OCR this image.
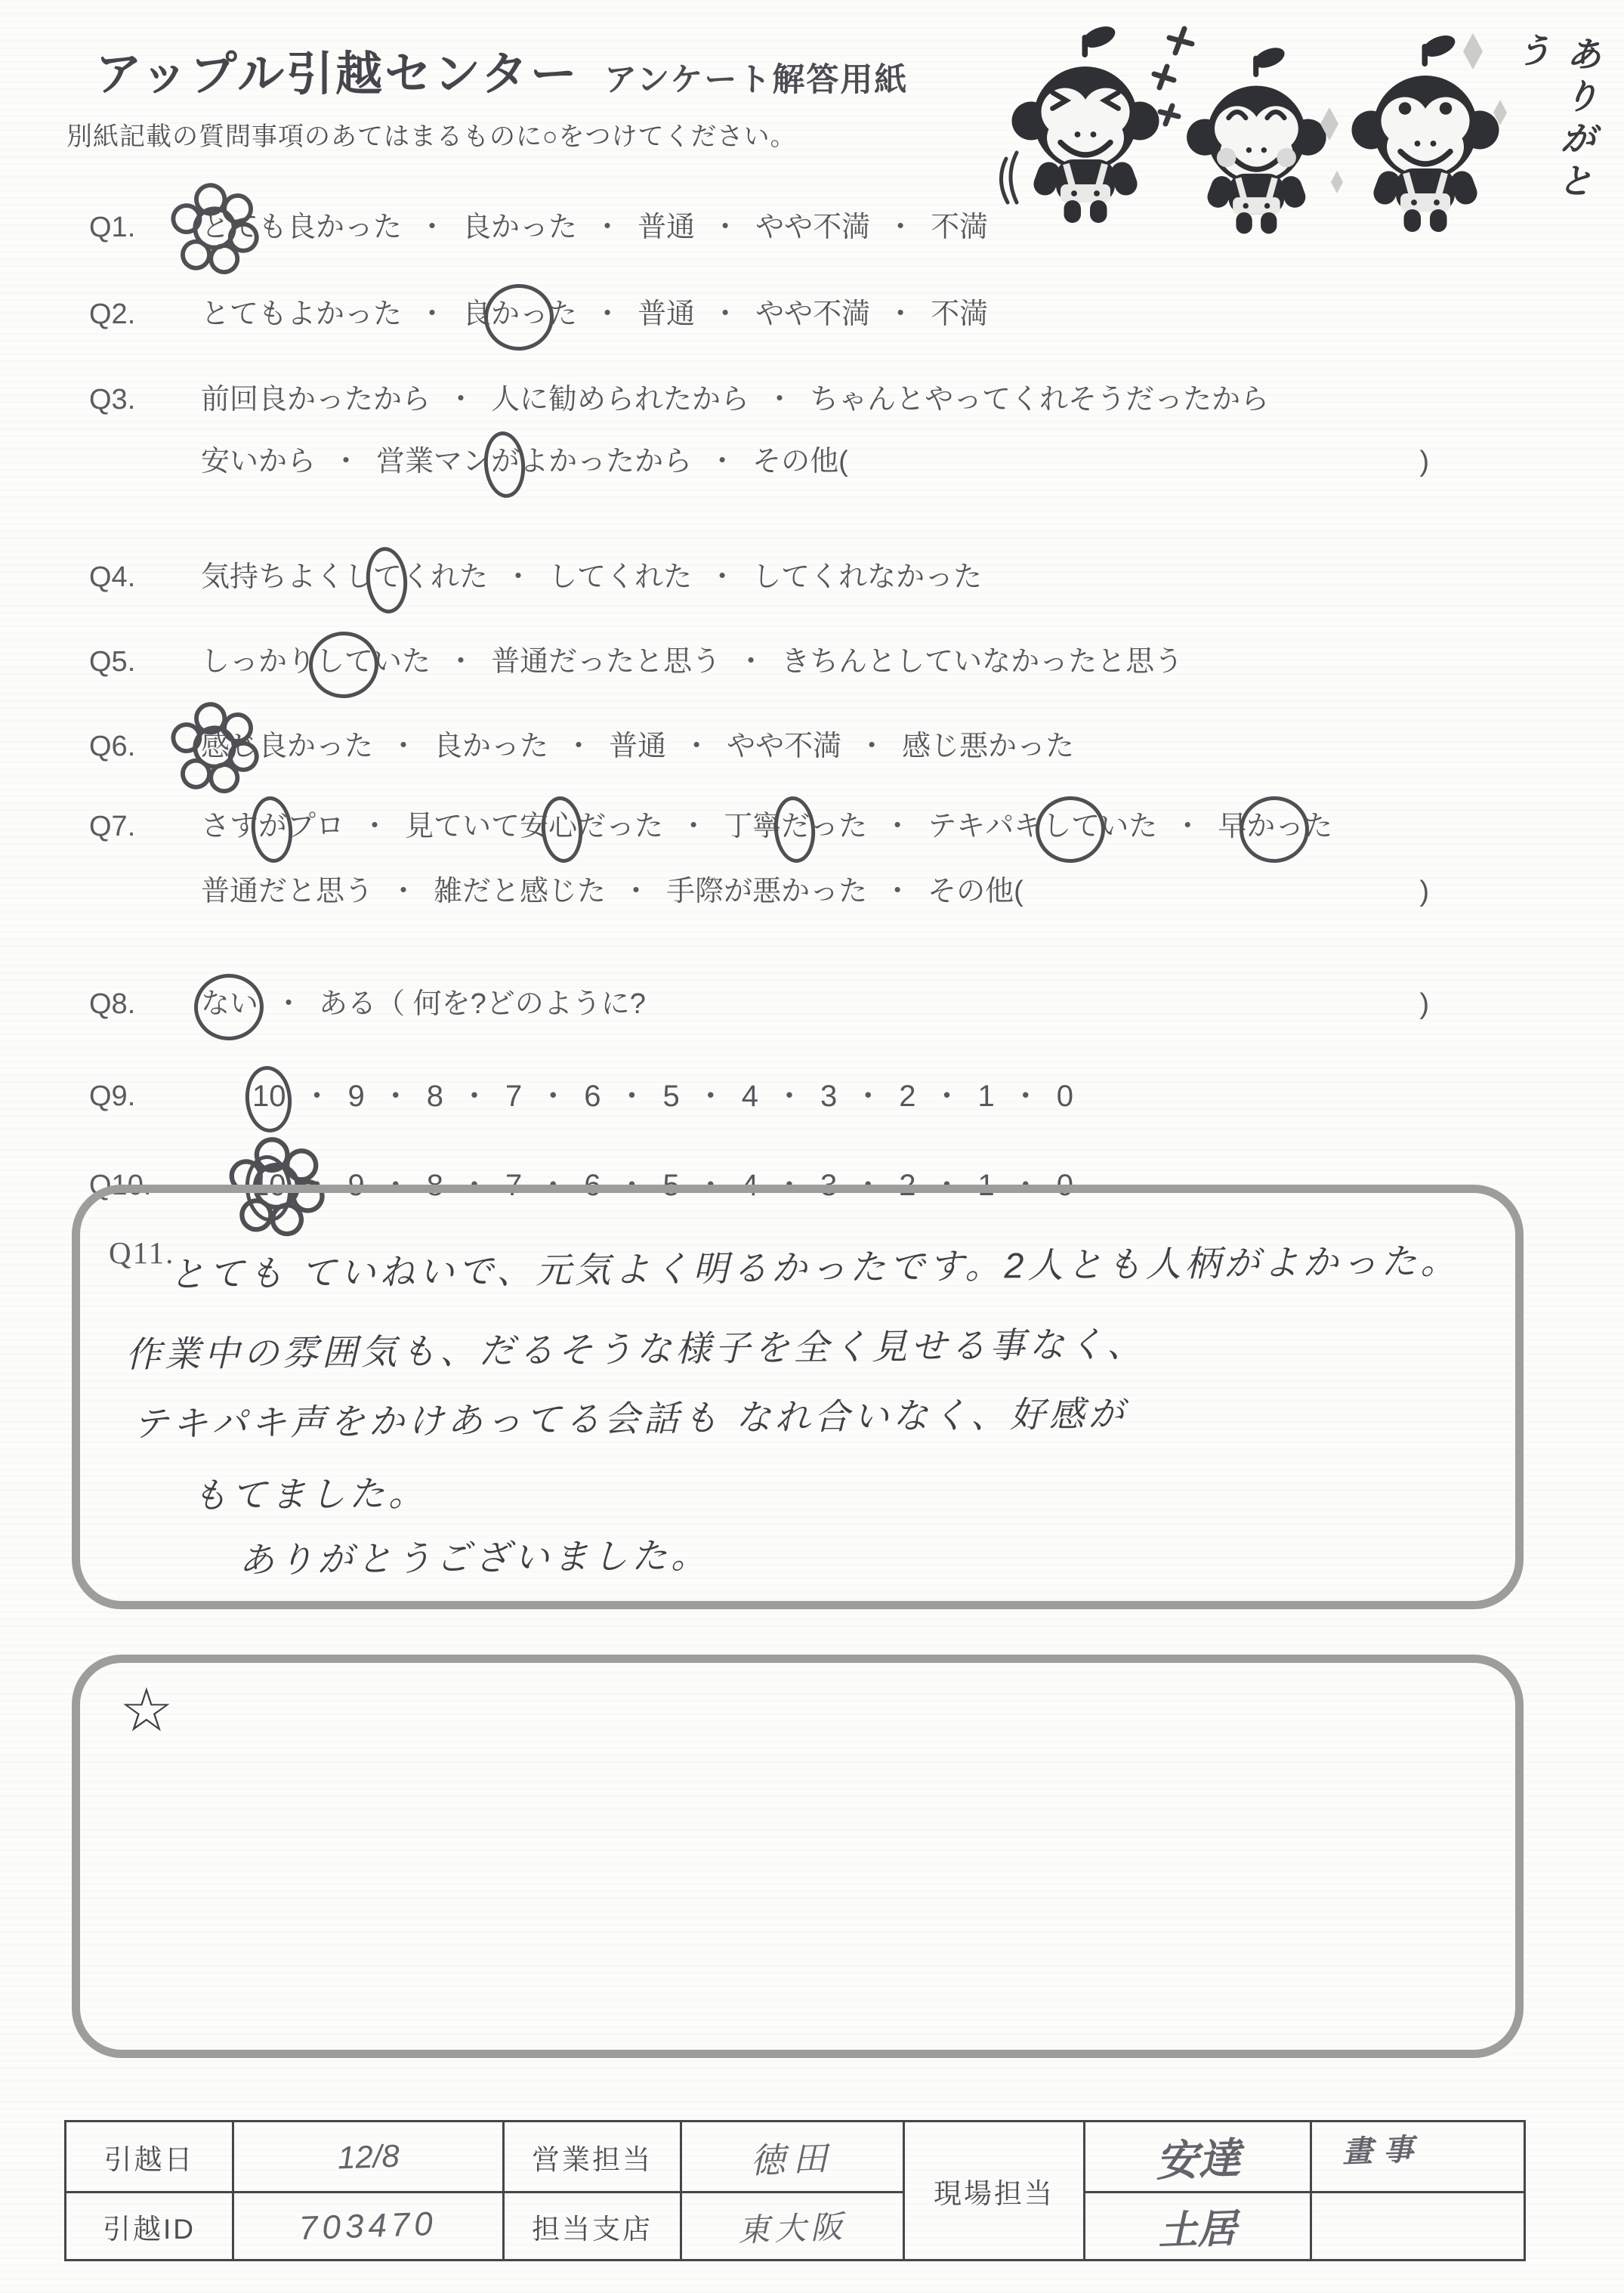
アップル引越センター アンケート解答用紙
別紙記載の質問事項のあてはまるものに○をつけてください。	ありがとう
Q1.	とても良かった ・ 良かった ・ 普通 ・ やや不満 ・ 不満
Q2.	とてもよかった ・ 良かった ・ 普通 ・ やや不満 ・ 不満
Q3.	前回良かったから ・ 人に勧められたから ・ ちゃんとやってくれそうだったから
安いから ・ 営業マンがよかったから ・ その他(	)
Q4.	気持ちよくしてくれた ・ してくれた ・ してくれなかった
Q5.	しっかりしていた ・ 普通だったと思う ・ きちんとしていなかったと思う
Q6.	感じ良かった ・ 良かった ・ 普通 ・ やや不満 ・ 感じ悪かった
Q7.	さすがプロ ・ 見ていて安心だった ・ 丁寧だった ・ テキパキしていた ・ 早かった
普通だと思う ・ 雑だと感じた ・ 手際が悪かった ・ その他(	)
Q8.	ない ・ ある（ 何を?どのように?	)
Q9.	10 ・ 9 ・ 8 ・ 7 ・ 6 ・ 5 ・ 4 ・ 3 ・ 2 ・ 1 ・ 0
Q10.	10 ・ 9 ・ 8 ・ 7 ・ 6 ・ 5 ・ 4 ・ 3 ・ 2 ・ 1 ・ 0
Q11.
とても ていねいで、元気よく明るかったです。2人とも人柄がよかった。
作業中の雰囲気も、だるそうな様子を全く見せる事なく、
テキパキ声をかけあってる会話も なれ合いなく、好感が
もてました。
ありがとうございました。
☆
引越日	12/8	営業担当	徳田	現場担当	安達	畫事
引越ID	703470	担当支店	東大阪		土居	
